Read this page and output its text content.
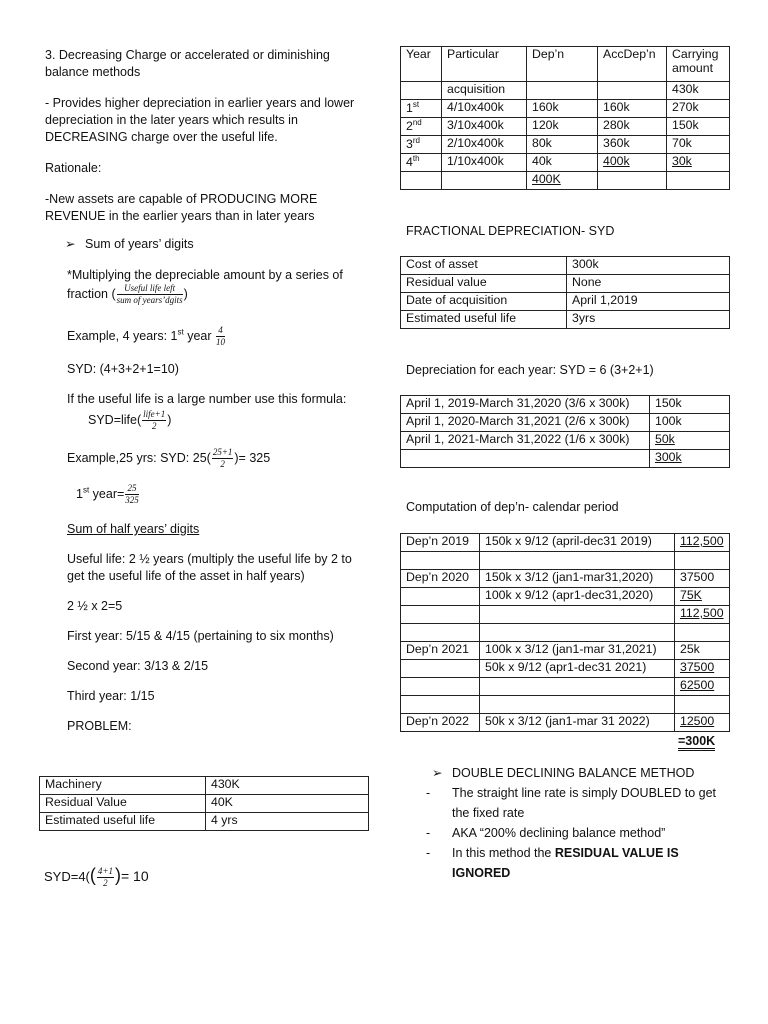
3. Decreasing Charge or accelerated or diminishing balance methods

- Provides higher depreciation in earlier years and lower depreciation in the later years which results in DECREASING charge over the useful life.

Rationale:

-New assets are capable of PRODUCING MORE REVENUE in the earlier years than in later years

➢ Sum of years’ digits

*Multiplying the depreciable amount by a series of

fraction ( $\frac{\text{Useful life left}}{\text{sum of years’dgits}}$ )

Example, 4 years: 1st year $\frac{4}{10}$
SYD: (4+3+2+1=10)
If the useful life is a large number use this formula:
SYD=life( $\frac{\text{life+1}}{2}$ )
Example,25 yrs: SYD: $25( \frac{25+1}{2}$ )= 325
1st year= $\frac{25}{325}$

Sum of half years’ digits

Useful life: 2 ½ years (multiply the useful life by 2 to get the useful life of the asset in half years)

2 ½ x 2=5

First year: 5/15 & 4/15 (pertaining to six months)

Second year: 3/13 & 2/15

Third year: 1/15

PROBLEM:

Machinery	430K
Residual Value	40K
Estimated useful life	4 yrs
$SYD=4(( \frac{4+1}{2}$ )= 10
Year	Particular	Dep’n	AccDep’n	Carrying amount
	acquisition			430k
1st	4/10x400k	160k	160k	270k
2nd	3/10x400k	120k	280k	150k
3rd	2/10x400k	80k	360k	70k
4th	1/10x400k	40k	400k	30k
		400K		
FRACTIONAL DEPRECIATION- SYD
Cost of asset	300k
Residual value	None
Date of acquisition	April 1,2019
Estimated useful life	3yrs
Depreciation for each year: SYD = 6 (3+2+1)
April 1, 2019-March 31,2020 (3/6 x 300k)	150k
April 1, 2020-March 31,2021 (2/6 x 300k)	100k
April 1, 2021-March 31,2022 (1/6 x 300k)	50k
	300k
Computation of dep’n- calendar period
Dep’n 2019	150k x 9/12 (april-dec31 2019)	112,500

Dep’n 2020	150k x 3/12 (jan1-mar31,2020)	37500
	100k x 9/12 (apr1-dec31,2020)	75K
		112,500

Dep’n 2021	100k x 3/12 (jan1-mar 31,2021)	25k
	50k x 9/12 (apr1-dec31 2021)	37500
		62500

Dep’n 2022	50k x 3/12 (jan1-mar 31 2022)	12500
=300K
➢ DOUBLE DECLINING BALANCE METHOD
- The straight line rate is simply DOUBLED to get the fixed rate
- AKA “200% declining balance method”
- In this method the RESIDUAL VALUE IS IGNORED
